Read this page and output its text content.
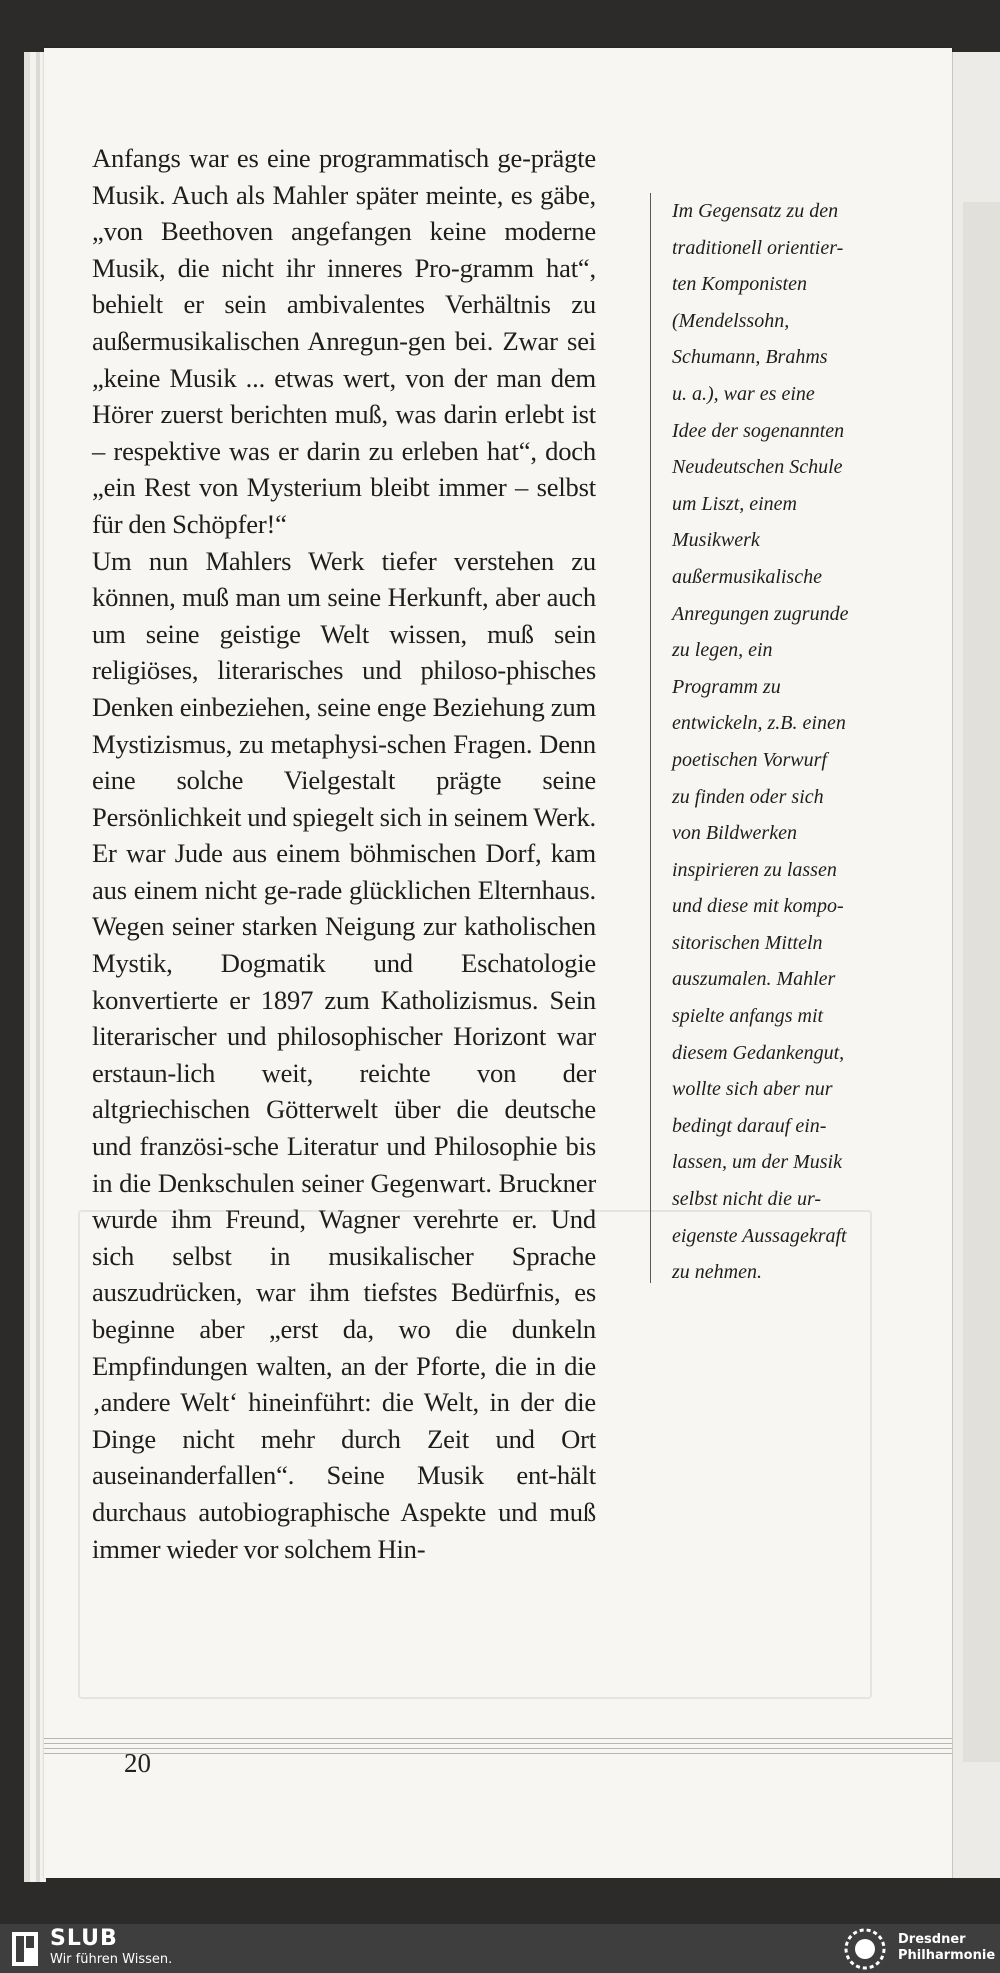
Anfangs war es eine programmatisch ge-prägte Musik. Auch als Mahler später meinte, es gäbe, „von Beethoven angefangen keine moderne Musik, die nicht ihr inneres Pro-gramm hat“, behielt er sein ambivalentes Verhältnis zu außermusikalischen Anregun-gen bei. Zwar sei „keine Musik ... etwas wert, von der man dem Hörer zuerst berichten muß, was darin erlebt ist – respektive was er darin zu erleben hat“, doch „ein Rest von Mysterium bleibt immer – selbst für den Schöpfer!“

Um nun Mahlers Werk tiefer verstehen zu können, muß man um seine Herkunft, aber auch um seine geistige Welt wissen, muß sein religiöses, literarisches und philoso-phisches Denken einbeziehen, seine enge Beziehung zum Mystizismus, zu metaphysi-schen Fragen. Denn eine solche Vielgestalt prägte seine Persönlichkeit und spiegelt sich in seinem Werk. Er war Jude aus einem böhmischen Dorf, kam aus einem nicht ge-rade glücklichen Elternhaus. Wegen seiner starken Neigung zur katholischen Mystik, Dogmatik und Eschatologie konvertierte er 1897 zum Katholizismus. Sein literarischer und philosophischer Horizont war erstaun-lich weit, reichte von der altgriechischen Götterwelt über die deutsche und französi-sche Literatur und Philosophie bis in die Denkschulen seiner Gegenwart. Bruckner wurde ihm Freund, Wagner verehrte er. Und sich selbst in musikalischer Sprache auszudrücken, war ihm tiefstes Bedürfnis, es beginne aber „erst da, wo die dunkeln Empfindungen walten, an der Pforte, die in die ‚andere Welt‘ hineinführt: die Welt, in der die Dinge nicht mehr durch Zeit und Ort auseinanderfallen“. Seine Musik ent-hält durchaus autobiographische Aspekte und muß immer wieder vor solchem Hin-

Im Gegensatz zu den
traditionell orientier-
ten Komponisten
(Mendelssohn,
Schumann, Brahms
u. a.), war es eine
Idee der sogenannten
Neudeutschen Schule
um Liszt, einem
Musikwerk
außermusikalische
Anregungen zugrunde
zu legen, ein
Programm zu
entwickeln, z.B. einen
poetischen Vorwurf
zu finden oder sich
von Bildwerken
inspirieren zu lassen
und diese mit kompo-
sitorischen Mitteln
auszumalen. Mahler
spielte anfangs mit
diesem Gedankengut,
wollte sich aber nur
bedingt darauf ein-
lassen, um der Musik
selbst nicht die ur-
eigenste Aussagekraft
zu nehmen.
20
SLUB
Wir führen Wissen.
Dresdner
Philharmonie
